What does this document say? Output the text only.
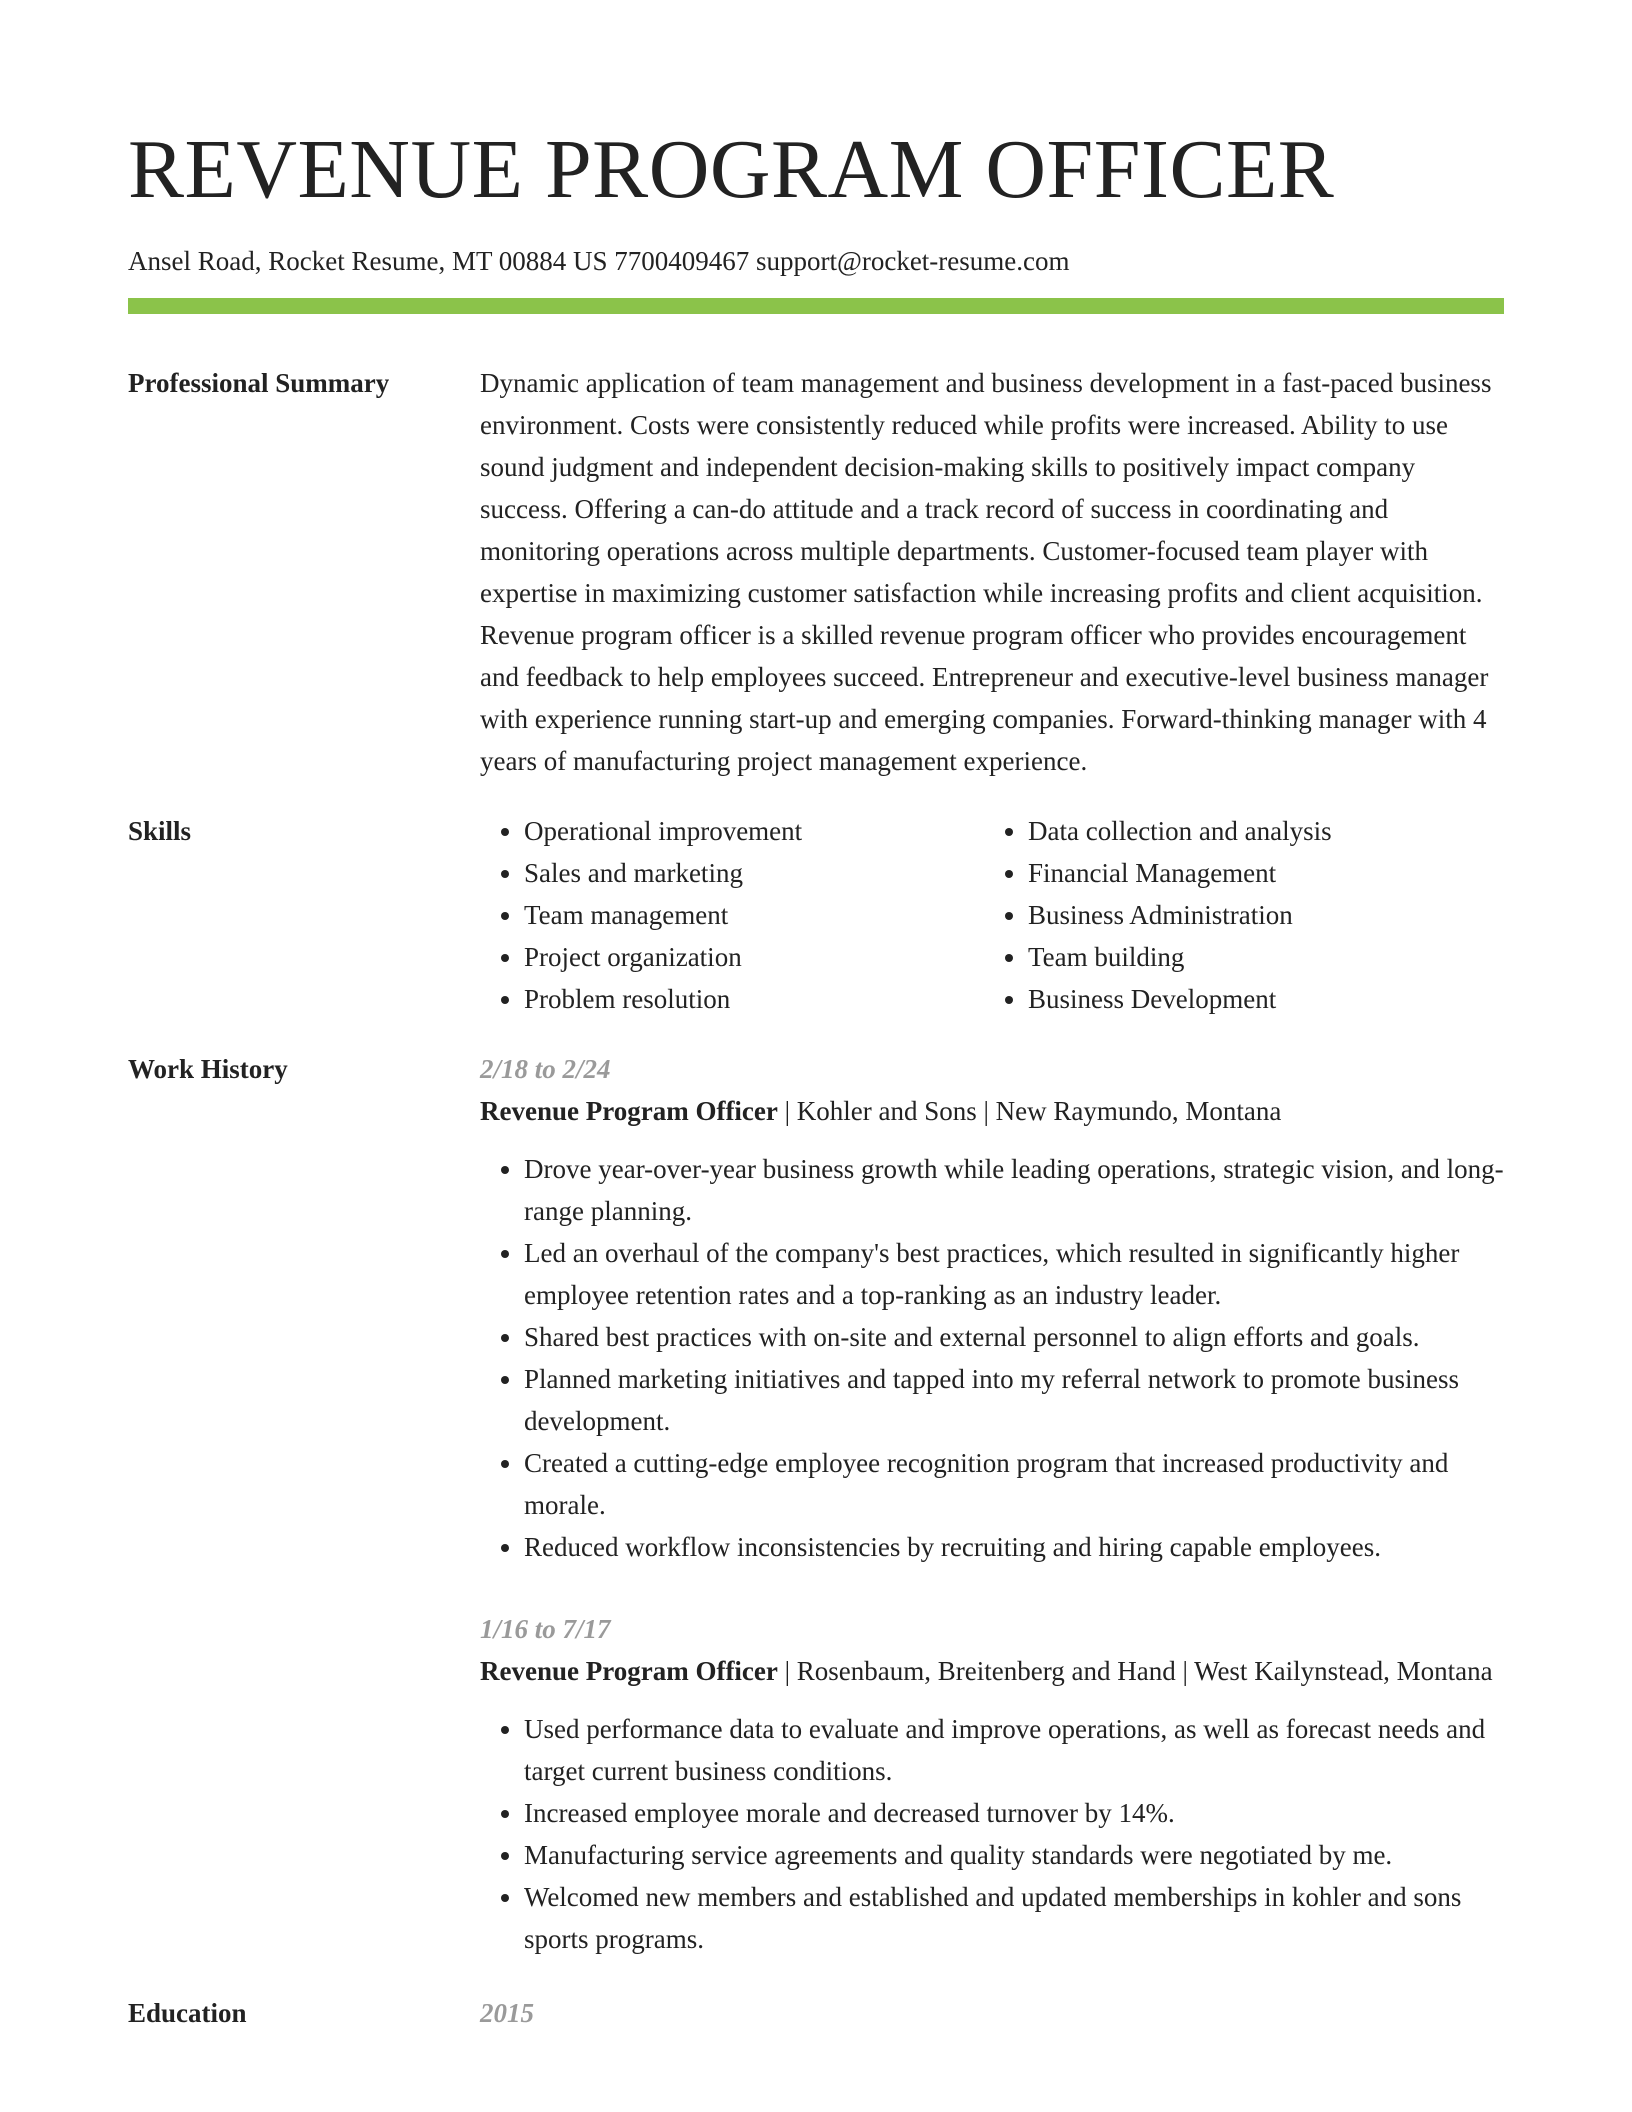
REVENUE PROGRAM OFFICER
Ansel Road, Rocket Resume, MT 00884 US 7700409467 support@rocket-resume.com
Professional Summary	Dynamic application of team management and business development in a fast-paced business environment. Costs were consistently reduced while profits were increased. Ability to use sound judgment and independent decision-making skills to positively impact company success. Offering a can-do attitude and a track record of success in coordinating and monitoring operations across multiple departments. Customer-focused team player with expertise in maximizing customer satisfaction while increasing profits and client acquisition. Revenue program officer is a skilled revenue program officer who provides encouragement and feedback to help employees succeed. Entrepreneur and executive-level business manager with experience running start-up and emerging companies. Forward-thinking manager with 4 years of manufacturing project management experience.
Skills
•	Operational improvement
• Sales and marketing
• Team management
• Project organization
• Problem resolution
• Data collection and analysis
• Financial Management
• Business Administration
• Team building
• Business Development
Work History	2/18 to 2/24

Revenue Program Officer | Kohler and Sons | New Raymundo, Montana

• Drove year-over-year business growth while leading operations, strategic vision, and long-range planning.
• Led an overhaul of the company's best practices, which resulted in significantly higher employee retention rates and a top-ranking as an industry leader.
• Shared best practices with on-site and external personnel to align efforts and goals.
• Planned marketing initiatives and tapped into my referral network to promote business development.
• Created a cutting-edge employee recognition program that increased productivity and morale.
• Reduced workflow inconsistencies by recruiting and hiring capable employees.
1/16 to 7/17

Revenue Program Officer | Rosenbaum, Breitenberg and Hand | West Kailynstead, Montana

• Used performance data to evaluate and improve operations, as well as forecast needs and target current business conditions.
• Increased employee morale and decreased turnover by 14%.
• Manufacturing service agreements and quality standards were negotiated by me.
• Welcomed new members and established and updated memberships in kohler and sons sports programs.
Education	2015
